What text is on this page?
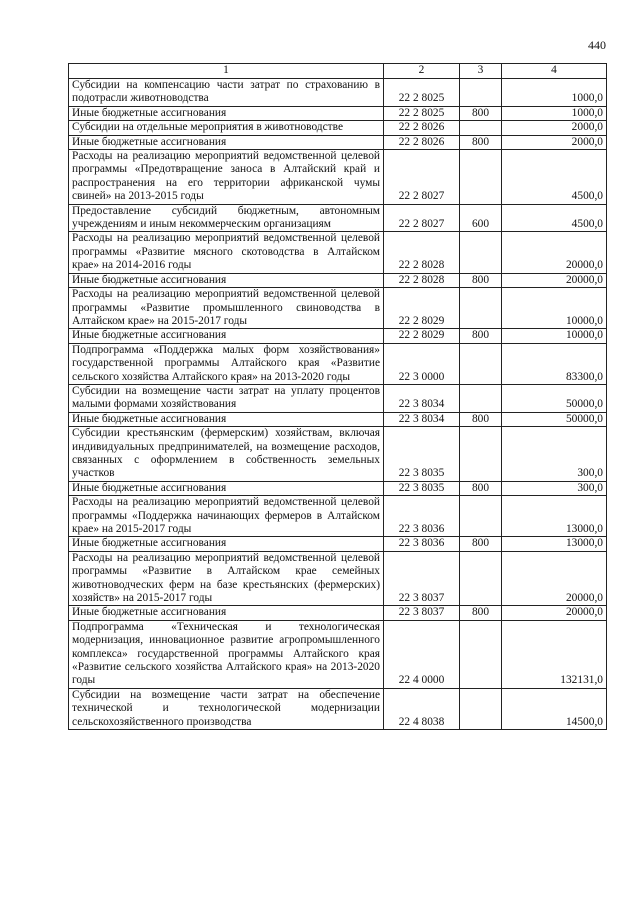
440
1	2	3	4
Субсидии на компенсацию части затрат по страхованию в подотрасли животноводства	22 2 8025		1000,0
Иные бюджетные ассигнования	22 2 8025	800	1000,0
Субсидии на отдельные мероприятия в животноводстве	22 2 8026		2000,0
Иные бюджетные ассигнования	22 2 8026	800	2000,0
Расходы на реализацию мероприятий ведомственной целевой программы «Предотвращение заноса в Алтайский край и распространения на его территории африканской чумы свиней» на 2013-2015 годы	22 2 8027		4500,0
Предоставление субсидий бюджетным, автономным учреждениям и иным некоммерческим организациям	22 2 8027	600	4500,0
Расходы на реализацию мероприятий ведомственной целевой программы «Развитие мясного скотоводства в Алтайском крае» на 2014-2016 годы	22 2 8028		20000,0
Иные бюджетные ассигнования	22 2 8028	800	20000,0
Расходы на реализацию мероприятий ведомственной целевой программы «Развитие промышленного свиноводства в Алтайском крае» на 2015-2017 годы	22 2 8029		10000,0
Иные бюджетные ассигнования	22 2 8029	800	10000,0
Подпрограмма «Поддержка малых форм хозяйствования» государственной программы Алтайского края «Развитие сельского хозяйства Алтайского края» на 2013-2020 годы	22 3 0000		83300,0
Субсидии на возмещение части затрат на уплату процентов малыми формами хозяйствования	22 3 8034		50000,0
Иные бюджетные ассигнования	22 3 8034	800	50000,0
Субсидии крестьянским (фермерским) хозяйствам, включая индивидуальных предпринимателей, на возмещение расходов, связанных с оформлением в собственность земельных участков	22 3 8035		300,0
Иные бюджетные ассигнования	22 3 8035	800	300,0
Расходы на реализацию мероприятий ведомственной целевой программы «Поддержка начинающих фермеров в Алтайском крае» на 2015-2017 годы	22 3 8036		13000,0
Иные бюджетные ассигнования	22 3 8036	800	13000,0
Расходы на реализацию мероприятий ведомственной целевой программы «Развитие в Алтайском крае семейных животноводческих ферм на базе крестьянских (фермерских) хозяйств» на 2015-2017 годы	22 3 8037		20000,0
Иные бюджетные ассигнования	22 3 8037	800	20000,0
Подпрограмма «Техническая и технологическая модернизация, инновационное развитие агропромышленного комплекса» государственной программы Алтайского края «Развитие сельского хозяйства Алтайского края» на 2013-2020 годы	22 4 0000		132131,0
Субсидии на возмещение части затрат на обеспечение технической и технологической модернизации сельскохозяйственного производства	22 4 8038		14500,0
